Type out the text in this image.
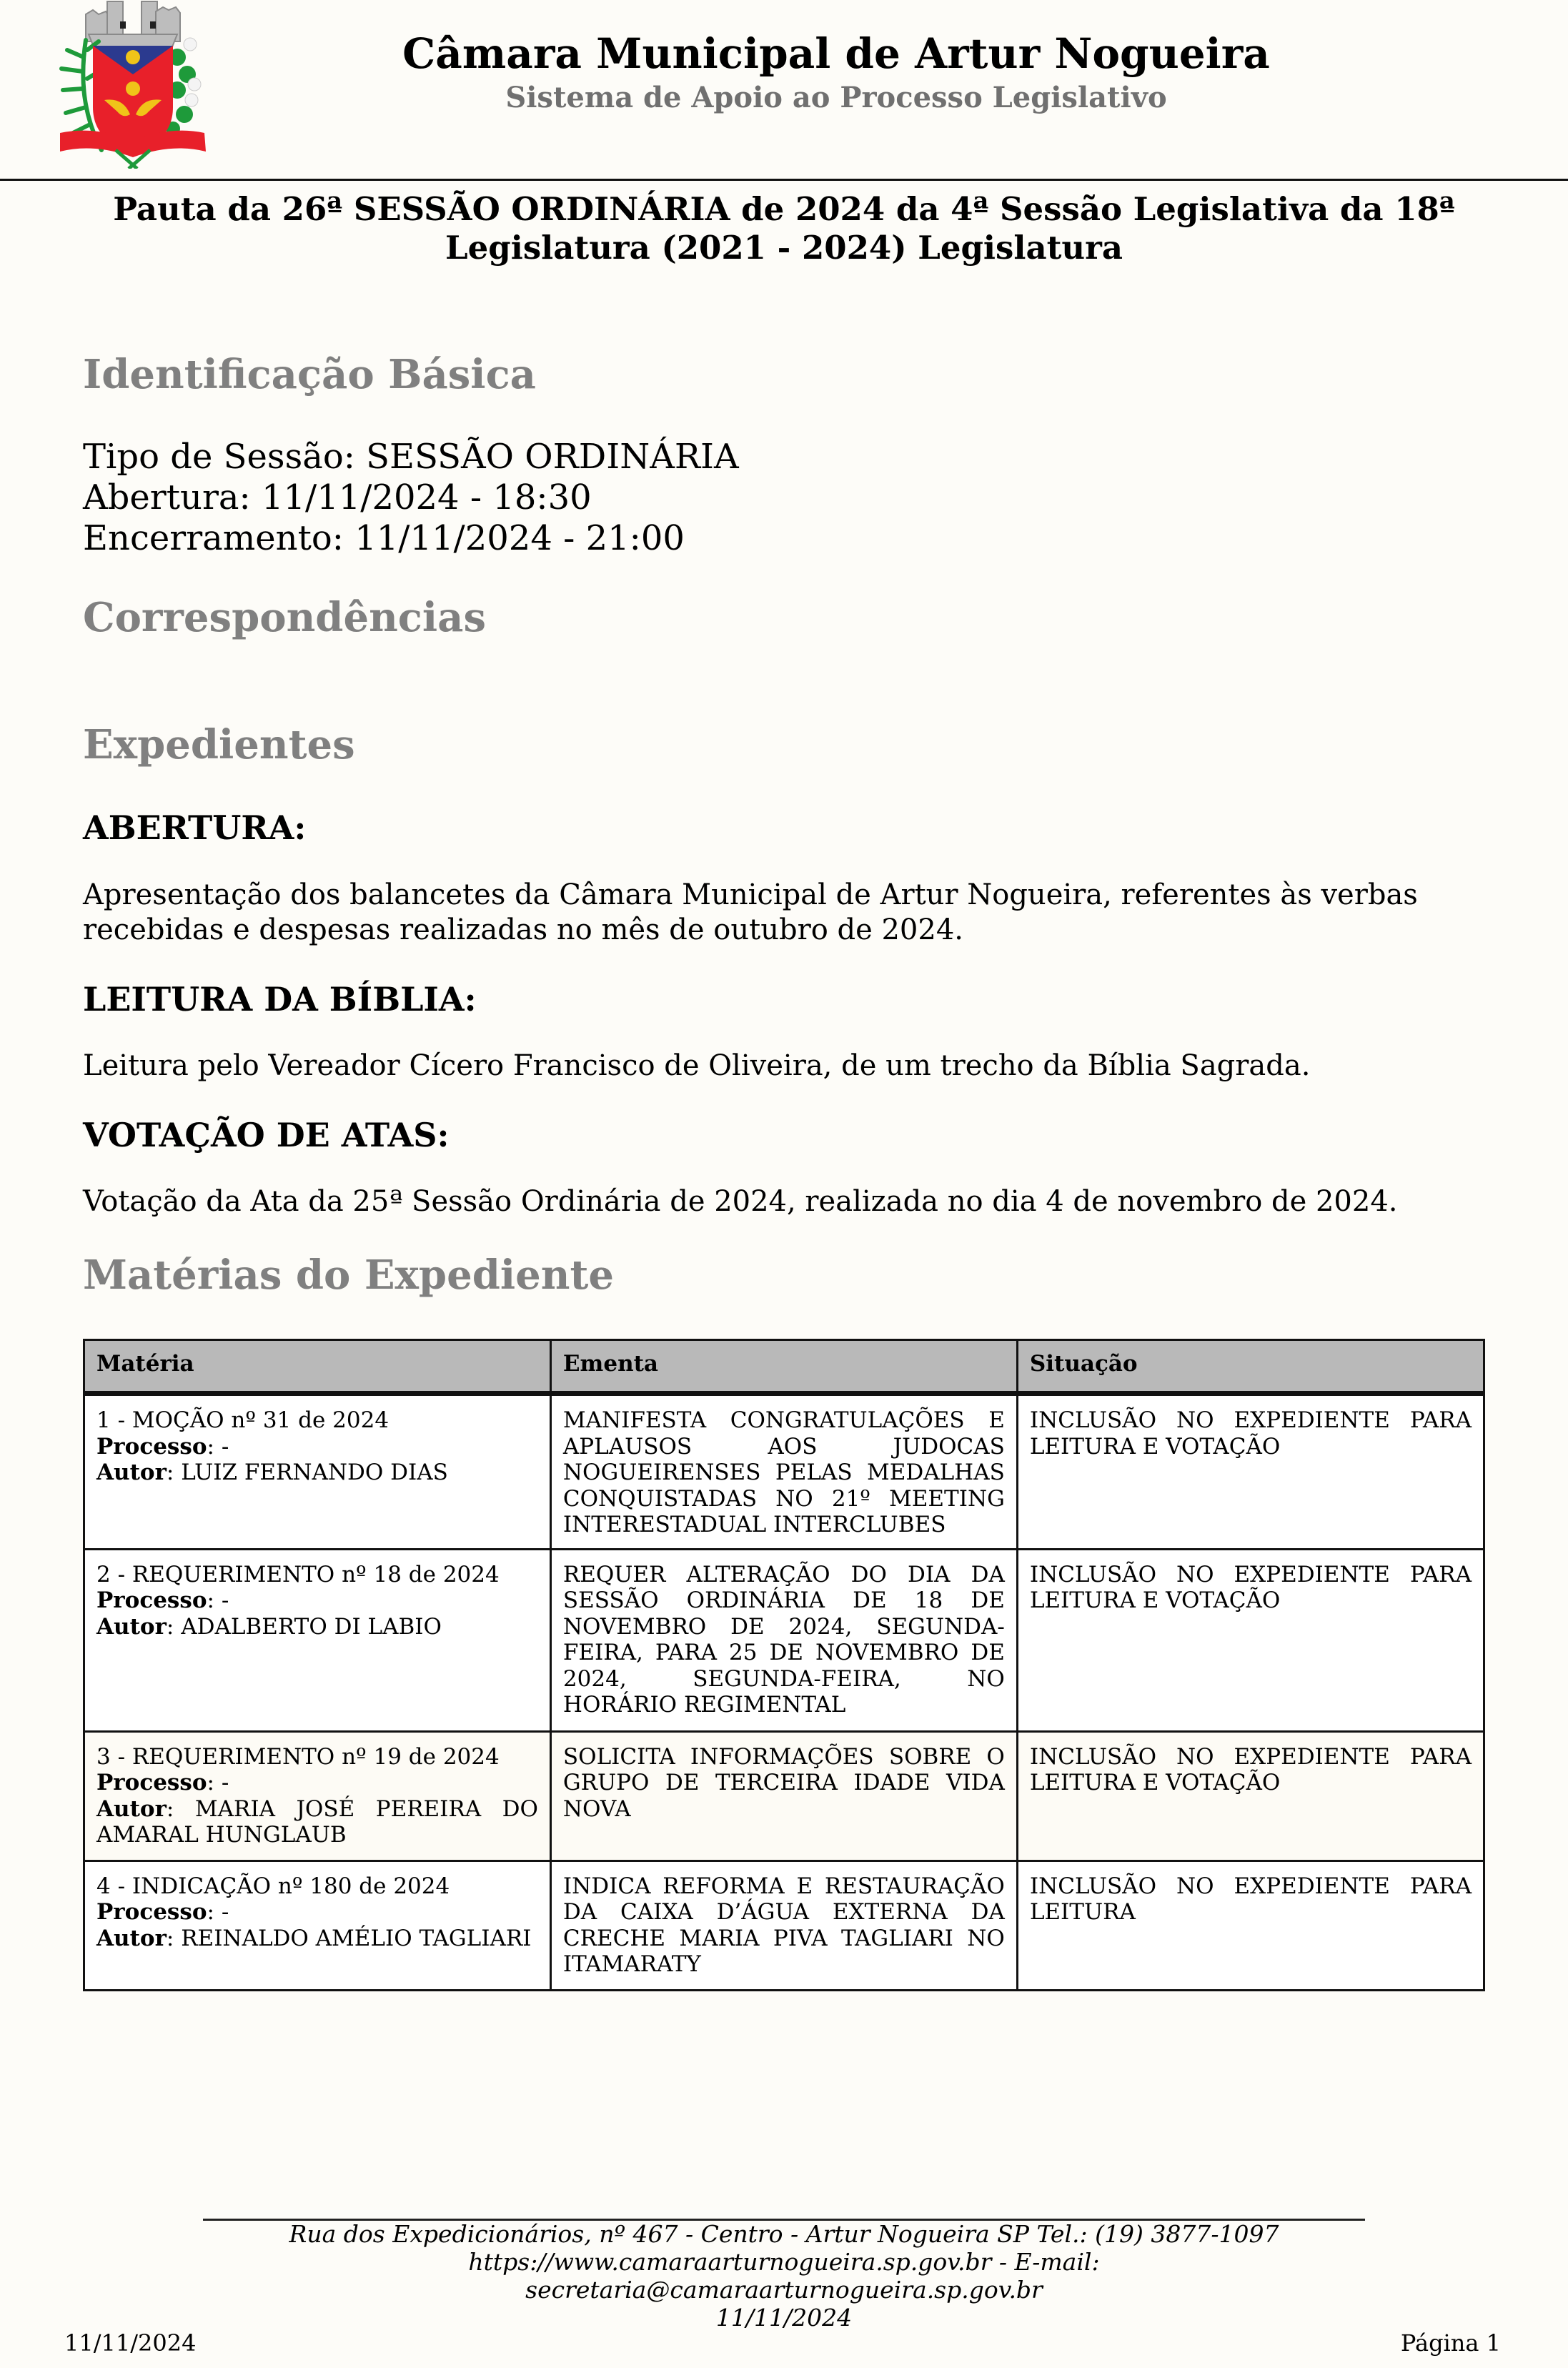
Câmara Municipal de Artur Nogueira
Sistema de Apoio ao Processo Legislativo
Pauta da 26ª SESSÃO ORDINÁRIA de 2024 da 4ª Sessão Legislativa da 18ª Legislatura (2021 - 2024) Legislatura
Identificação Básica
Tipo de Sessão: SESSÃO ORDINÁRIA
Abertura: 11/11/2024 - 18:30
Encerramento: 11/11/2024 - 21:00
Correspondências
Expedientes
ABERTURA:
Apresentação dos balancetes da Câmara Municipal de Artur Nogueira, referentes às verbas recebidas e despesas realizadas no mês de outubro de 2024.
LEITURA DA BÍBLIA:
Leitura pelo Vereador Cícero Francisco de Oliveira, de um trecho da Bíblia Sagrada.
VOTAÇÃO DE ATAS:
Votação da Ata da 25ª Sessão Ordinária de 2024, realizada no dia 4 de novembro de 2024.
Matérias do Expediente
Matéria	Ementa	Situação

1 - MOÇÃO nº 31 de 2024
Processo: -
Autor: LUIZ FERNANDO DIAS	MANIFESTA CONGRATULAÇÕES E APLAUSOS AOS JUDOCAS NOGUEIRENSES PELAS MEDALHAS CONQUISTADAS NO 21º MEETING INTERESTADUAL INTERCLUBES	INCLUSÃO NO EXPEDIENTE PARA LEITURA E VOTAÇÃO

2 - REQUERIMENTO nº 18 de 2024
Processo: -
Autor: ADALBERTO DI LABIO	REQUER ALTERAÇÃO DO DIA DA SESSÃO ORDINÁRIA DE 18 DE NOVEMBRO DE 2024, SEGUNDA-FEIRA, PARA 25 DE NOVEMBRO DE 2024, SEGUNDA-FEIRA, NO HORÁRIO REGIMENTAL	INCLUSÃO NO EXPEDIENTE PARA LEITURA E VOTAÇÃO

3 - REQUERIMENTO nº 19 de 2024
Processo: -
Autor: MARIA JOSÉ PEREIRA DO AMARAL HUNGLAUB	SOLICITA INFORMAÇÕES SOBRE O GRUPO DE TERCEIRA IDADE VIDA NOVA	INCLUSÃO NO EXPEDIENTE PARA LEITURA E VOTAÇÃO

4 - INDICAÇÃO nº 180 de 2024
Processo: -
Autor: REINALDO AMÉLIO TAGLIARI	INDICA REFORMA E RESTAURAÇÃO DA CAIXA D’ÁGUA EXTERNA DA CRECHE MARIA PIVA TAGLIARI NO ITAMARATY	INCLUSÃO NO EXPEDIENTE PARA LEITURA
Rua dos Expedicionários, nº 467 - Centro - Artur Nogueira SP Tel.: (19) 3877-1097 https://www.camaraarturnogueira.sp.gov.br - E-mail: secretaria@camaraarturnogueira.sp.gov.br
11/11/2024
11/11/2024	Página 1
